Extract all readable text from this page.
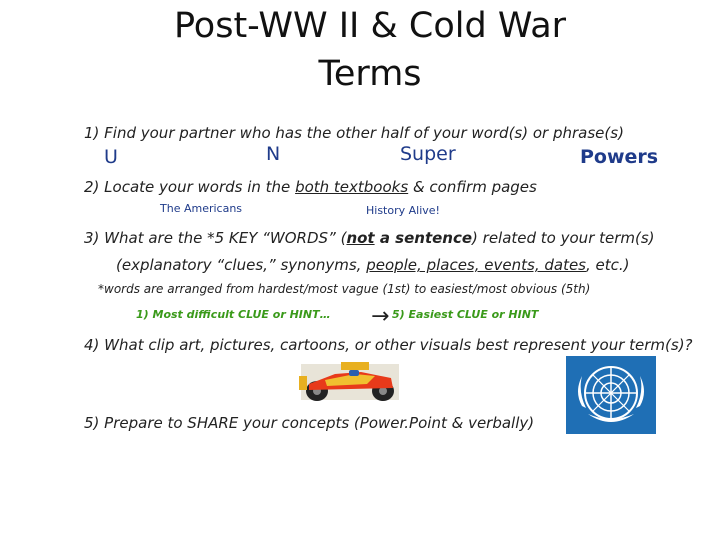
Post-WW II & Cold War
Terms
1) Find your partner who has the other half of your word(s) or phrase(s)
U	N	Super	Powers
2) Locate your words in the both textbooks & confirm pages
The Americans	History Alive!
3) What are the *5 KEY “WORDS” (not a sentence) related to your term(s)
(explanatory “clues,” synonyms, people, places, events, dates, etc.)
*words are arranged from hardest/most vague (1st) to easiest/most obvious (5th)
1) Most difficult CLUE or HINT… → 5) Easiest CLUE or HINT
4) What clip art, pictures, cartoons, or other visuals best represent your term(s)?
5) Prepare to SHARE your concepts (Power.Point & verbally)
